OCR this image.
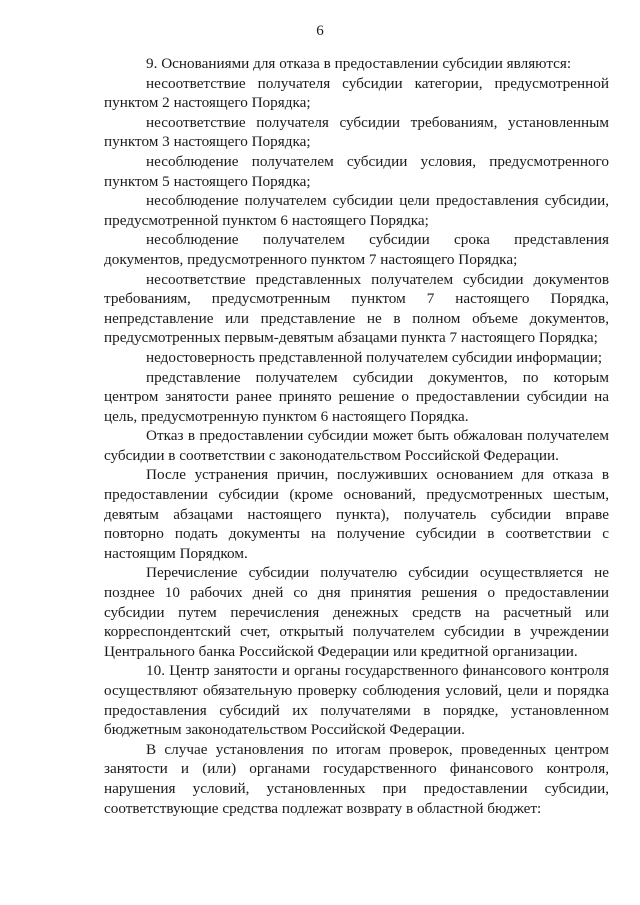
6

9. Основаниями для отказа в предоставлении субсидии являются:

несоответствие получателя субсидии категории, предусмотренной пунктом 2 настоящего Порядка;

несоответствие получателя субсидии требованиям, установленным пунктом 3 настоящего Порядка;

несоблюдение получателем субсидии условия, предусмотренного пунктом 5 настоящего Порядка;

несоблюдение получателем субсидии цели предоставления субсидии, предусмотренной пунктом 6 настоящего Порядка;

несоблюдение получателем субсидии срока представления документов, предусмотренного пунктом 7 настоящего Порядка;

несоответствие представленных получателем субсидии документов требованиям, предусмотренным пунктом 7 настоящего Порядка, непредставление или представление не в полном объеме документов, предусмотренных первым-девятым абзацами пункта 7 настоящего Порядка;

недостоверность представленной получателем субсидии информации;

представление получателем субсидии документов, по которым центром занятости ранее принято решение о предоставлении субсидии на цель, предусмотренную пунктом 6 настоящего Порядка.

Отказ в предоставлении субсидии может быть обжалован получателем субсидии в соответствии с законодательством Российской Федерации.

После устранения причин, послуживших основанием для отказа в предоставлении субсидии (кроме оснований, предусмотренных шестым, девятым абзацами настоящего пункта), получатель субсидии вправе повторно подать документы на получение субсидии в соответствии с настоящим Порядком.

Перечисление субсидии получателю субсидии осуществляется не позднее 10 рабочих дней со дня принятия решения о предоставлении субсидии путем перечисления денежных средств на расчетный или корреспондентский счет, открытый получателем субсидии в учреждении Центрального банка Российской Федерации или кредитной организации.

10. Центр занятости и органы государственного финансового контроля осуществляют обязательную проверку соблюдения условий, цели и порядка предоставления субсидий их получателями в порядке, установленном бюджетным законодательством Российской Федерации.

В случае установления по итогам проверок, проведенных центром занятости и (или) органами государственного финансового контроля, нарушения условий, установленных при предоставлении субсидии, соответствующие средства подлежат возврату в областной бюджет:
